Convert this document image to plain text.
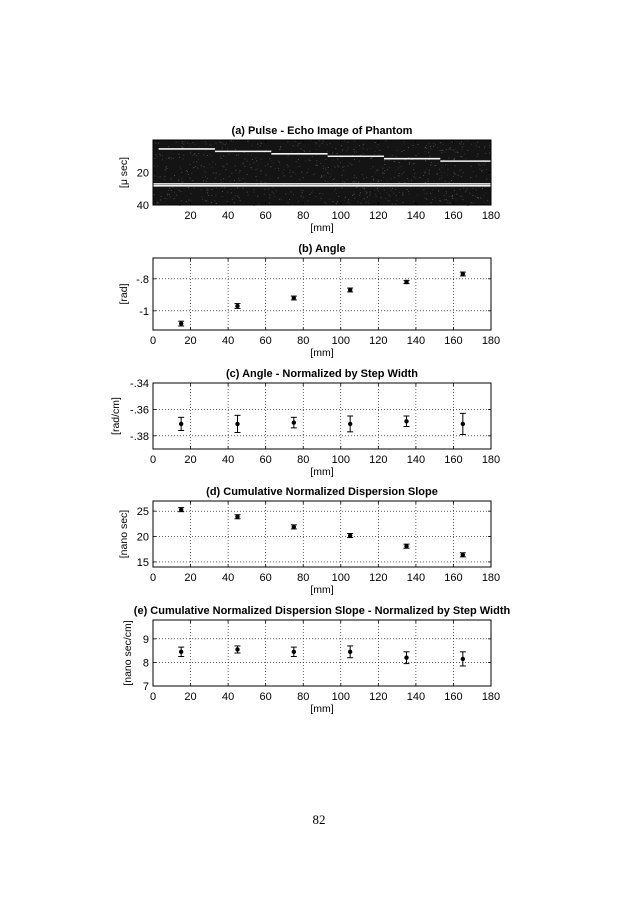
(a) Pulse - Echo Image of Phantom
20 40 60 80 100 120 140 160 180
20
40
[mm]
[μ sec]
(b) Angle
0	20 40 60 80 100 120 140 160 180
-1
-.8
[mm]
[rad]
(c) Angle - Normalized by Step Width
0	20 40 60 80 100 120 140 160 180
-.38
-.36
-.34
[mm]
[rad/cm]
(d) Cumulative Normalized Dispersion Slope
0	20 40 60 80 100 120 140 160 180
15
20
25
[mm]
[nano sec]
(e) Cumulative Normalized Dispersion Slope - Normalized by Step Width
0	20 40 60 80 100 120 140 160 180
7
8
9
[mm]
[nano sec/cm]
82
